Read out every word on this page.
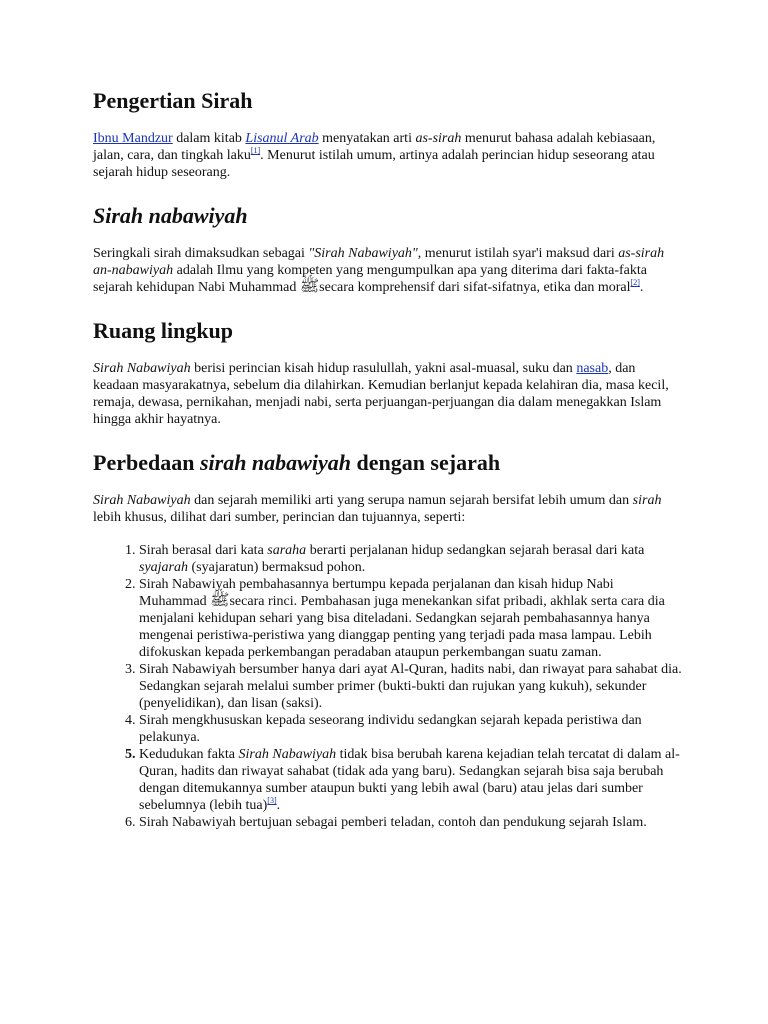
Pengertian Sirah

Ibnu Mandzur dalam kitab Lisanul Arab menyatakan arti as-sirah menurut bahasa adalah kebiasaan, jalan, cara, dan tingkah laku[1]. Menurut istilah umum, artinya adalah perincian hidup seseorang atau sejarah hidup seseorang.

Sirah nabawiyah

Seringkali sirah dimaksudkan sebagai "Sirah Nabawiyah", menurut istilah syar'i maksud dari as-sirah an-nabawiyah adalah Ilmu yang kompeten yang mengumpulkan apa yang diterima dari fakta-fakta sejarah kehidupan Nabi Muhammad ﷺsecara komprehensif dari sifat-sifatnya, etika dan moral[2].

Ruang lingkup

Sirah Nabawiyah berisi perincian kisah hidup rasulullah, yakni asal-muasal, suku dan nasab, dan keadaan masyarakatnya, sebelum dia dilahirkan. Kemudian berlanjut kepada kelahiran dia, masa kecil, remaja, dewasa, pernikahan, menjadi nabi, serta perjuangan-perjuangan dia dalam menegakkan Islam hingga akhir hayatnya.

Perbedaan sirah nabawiyah dengan sejarah

Sirah Nabawiyah dan sejarah memiliki arti yang serupa namun sejarah bersifat lebih umum dan sirah lebih khusus, dilihat dari sumber, perincian dan tujuannya, seperti:

1. Sirah berasal dari kata saraha berarti perjalanan hidup sedangkan sejarah berasal dari kata syajarah (syajaratun) bermaksud pohon.
2. Sirah Nabawiyah pembahasannya bertumpu kepada perjalanan dan kisah hidup Nabi Muhammad ﷺsecara rinci. Pembahasan juga menekankan sifat pribadi, akhlak serta cara dia menjalani kehidupan sehari yang bisa diteladani. Sedangkan sejarah pembahasannya hanya mengenai peristiwa-peristiwa yang dianggap penting yang terjadi pada masa lampau. Lebih difokuskan kepada perkembangan peradaban ataupun perkembangan suatu zaman.
3. Sirah Nabawiyah bersumber hanya dari ayat Al-Quran, hadits nabi, dan riwayat para sahabat dia. Sedangkan sejarah melalui sumber primer (bukti-bukti dan rujukan yang kukuh), sekunder (penyelidikan), dan lisan (saksi).
4. Sirah mengkhususkan kepada seseorang individu sedangkan sejarah kepada peristiwa dan pelakunya.
5. Kedudukan fakta Sirah Nabawiyah tidak bisa berubah karena kejadian telah tercatat di dalam al-Quran, hadits dan riwayat sahabat (tidak ada yang baru). Sedangkan sejarah bisa saja berubah dengan ditemukannya sumber ataupun bukti yang lebih awal (baru) atau jelas dari sumber sebelumnya (lebih tua)[3].
6. Sirah Nabawiyah bertujuan sebagai pemberi teladan, contoh dan pendukung sejarah Islam.
